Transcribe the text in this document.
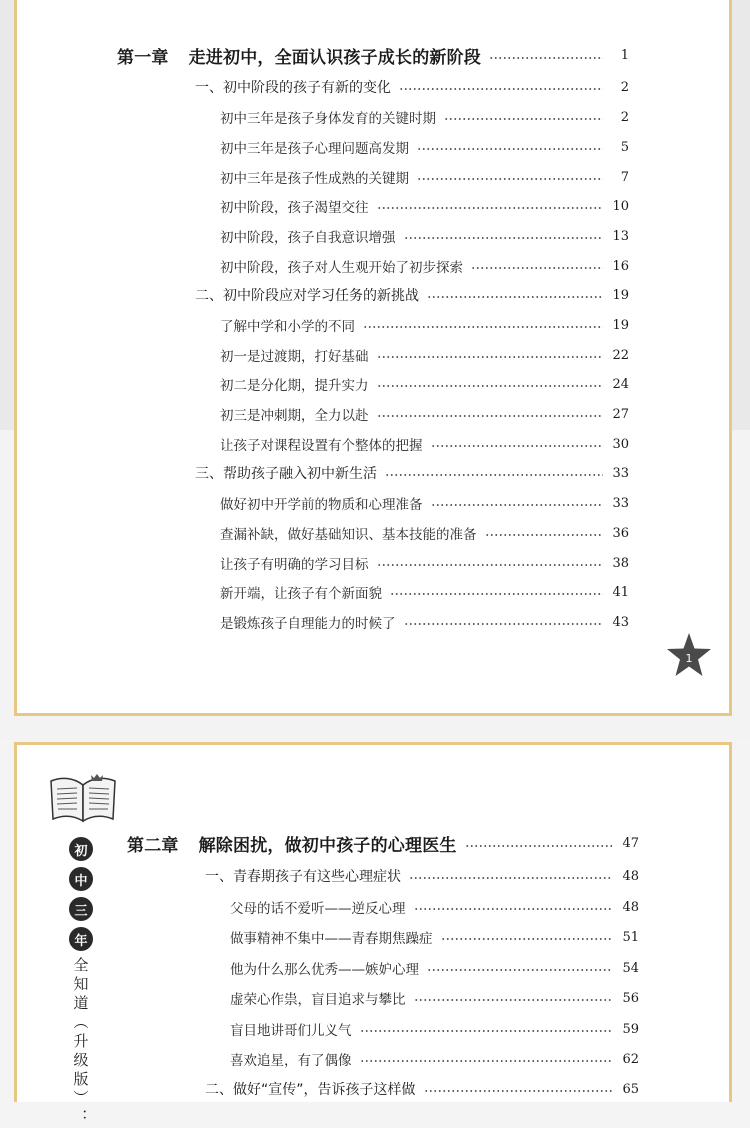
第一章 走进初中，全面认识孩子成长的新阶段	1
一、初中阶段的孩子有新的变化	2
初中三年是孩子身体发育的关键时期	2
初中三年是孩子心理问题高发期	5
初中三年是孩子性成熟的关键期	7
初中阶段，孩子渴望交往	10
初中阶段，孩子自我意识增强	13
初中阶段，孩子对人生观开始了初步探索	16
二、初中阶段应对学习任务的新挑战	19
了解中学和小学的不同	19
初一是过渡期，打好基础	22
初二是分化期，提升实力	24
初三是冲刺期，全力以赴	27
让孩子对课程设置有个整体的把握	30
三、帮助孩子融入初中新生活	33
做好初中开学前的物质和心理准备	33
查漏补缺，做好基础知识、基本技能的准备	36
让孩子有明确的学习目标	38
新开端，让孩子有个新面貌	41
是锻炼孩子自理能力的时候了	43
1
初
中
三
年
全知道（升级版）：
第二章 解除困扰，做初中孩子的心理医生	47
一、青春期孩子有这些心理症状	48
父母的话不爱听——逆反心理	48
做事精神不集中——青春期焦躁症	51
他为什么那么优秀——嫉妒心理	54
虚荣心作祟，盲目追求与攀比	56
盲目地讲哥们儿义气	59
喜欢追星，有了偶像	62
二、做好“宣传”，告诉孩子这样做	65
